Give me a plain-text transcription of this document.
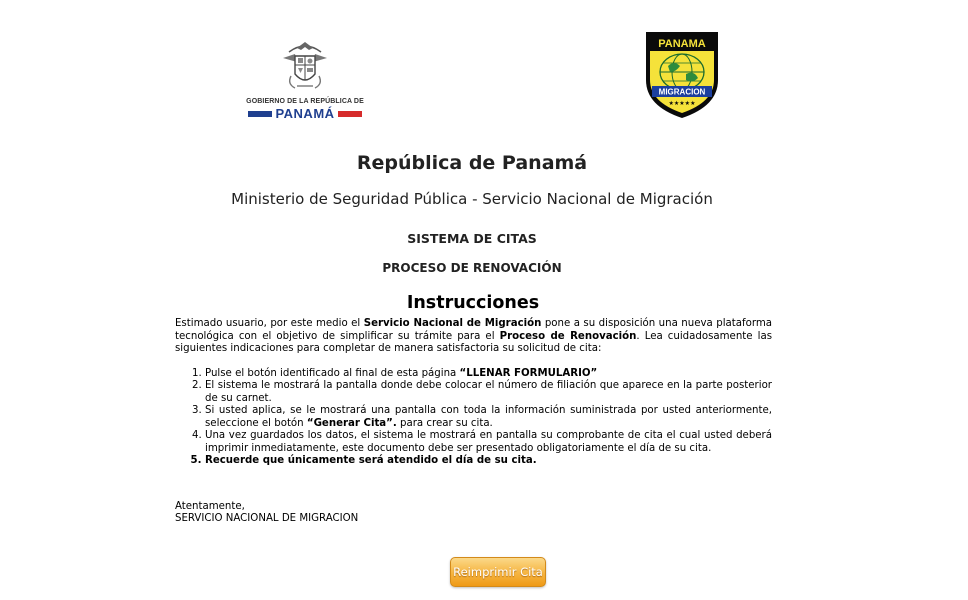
GOBIERNO DE LA REPÚBLICA DE
PANAMÁ
PANAMA
MIGRACION
★★★★★
República de Panamá
Ministerio de Seguridad Pública - Servicio Nacional de Migración
SISTEMA DE CITAS
PROCESO DE RENOVACIÓN
Instrucciones

Estimado usuario, por este medio el Servicio Nacional de Migración pone a su disposición una nueva plataforma tecnológica con el objetivo de simplificar su trámite para el Proceso de Renovación. Lea cuidadosamente las siguientes indicaciones para completar de manera satisfactoria su solicitud de cita:

1. Pulse el botón identificado al final de esta página “LLENAR FORMULARIO”
2. El sistema le mostrará la pantalla donde debe colocar el número de filiación que aparece en la parte posterior de su carnet.
3. Si usted aplica, se le mostrará una pantalla con toda la información suministrada por usted anteriormente, seleccione el botón “Generar Cita”. para crear su cita.
4. Una vez guardados los datos, el sistema le mostrará en pantalla su comprobante de cita el cual usted deberá imprimir inmediatamente, este documento debe ser presentado obligatoriamente el día de su cita.
5. Recuerde que únicamente será atendido el día de su cita.
Atentamente,
SERVICIO NACIONAL DE MIGRACION
Reimprimir Cita
